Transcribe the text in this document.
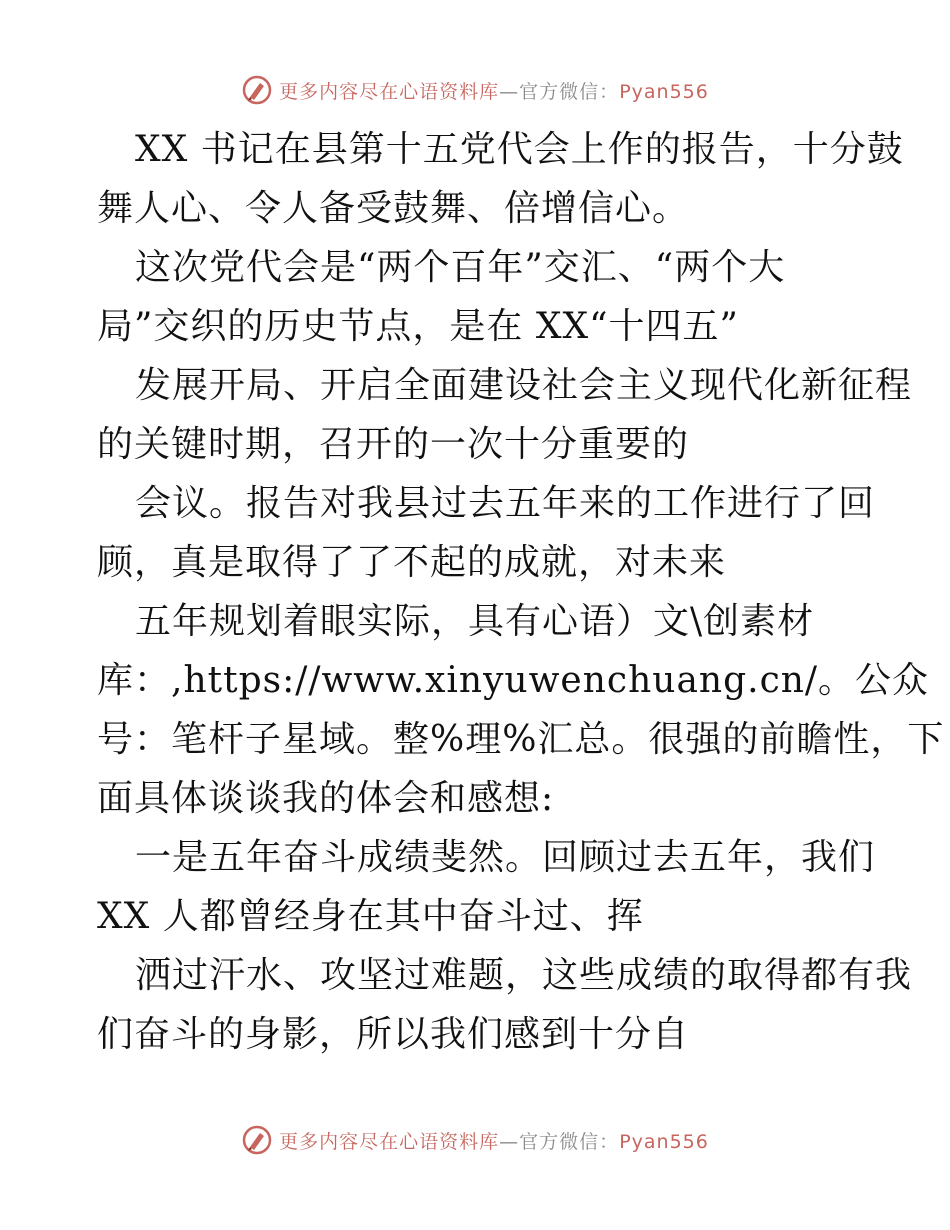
更多内容尽在心语资料库—官方微信：Pyan556
XX 书记在县第十五党代会上作的报告，十分鼓
舞人心、令人备受鼓舞、倍增信心。
这次党代会是“两个百年”交汇、“两个大
局”交织的历史节点，是在 XX“十四五”
发展开局、开启全面建设社会主义现代化新征程
的关键时期，召开的一次十分重要的
会议。报告对我县过去五年来的工作进行了回
顾，真是取得了了不起的成就，对未来
五年规划着眼实际，具有心语）文\创素材
库：,https://www.xinyuwenchuang.cn/。公众
号：笔杆子星域。整%理%汇总。很强的前瞻性，下
面具体谈谈我的体会和感想:
一是五年奋斗成绩斐然。回顾过去五年，我们
XX 人都曾经身在其中奋斗过、挥
洒过汗水、攻坚过难题，这些成绩的取得都有我
们奋斗的身影，所以我们感到十分自
更多内容尽在心语资料库—官方微信：Pyan556
